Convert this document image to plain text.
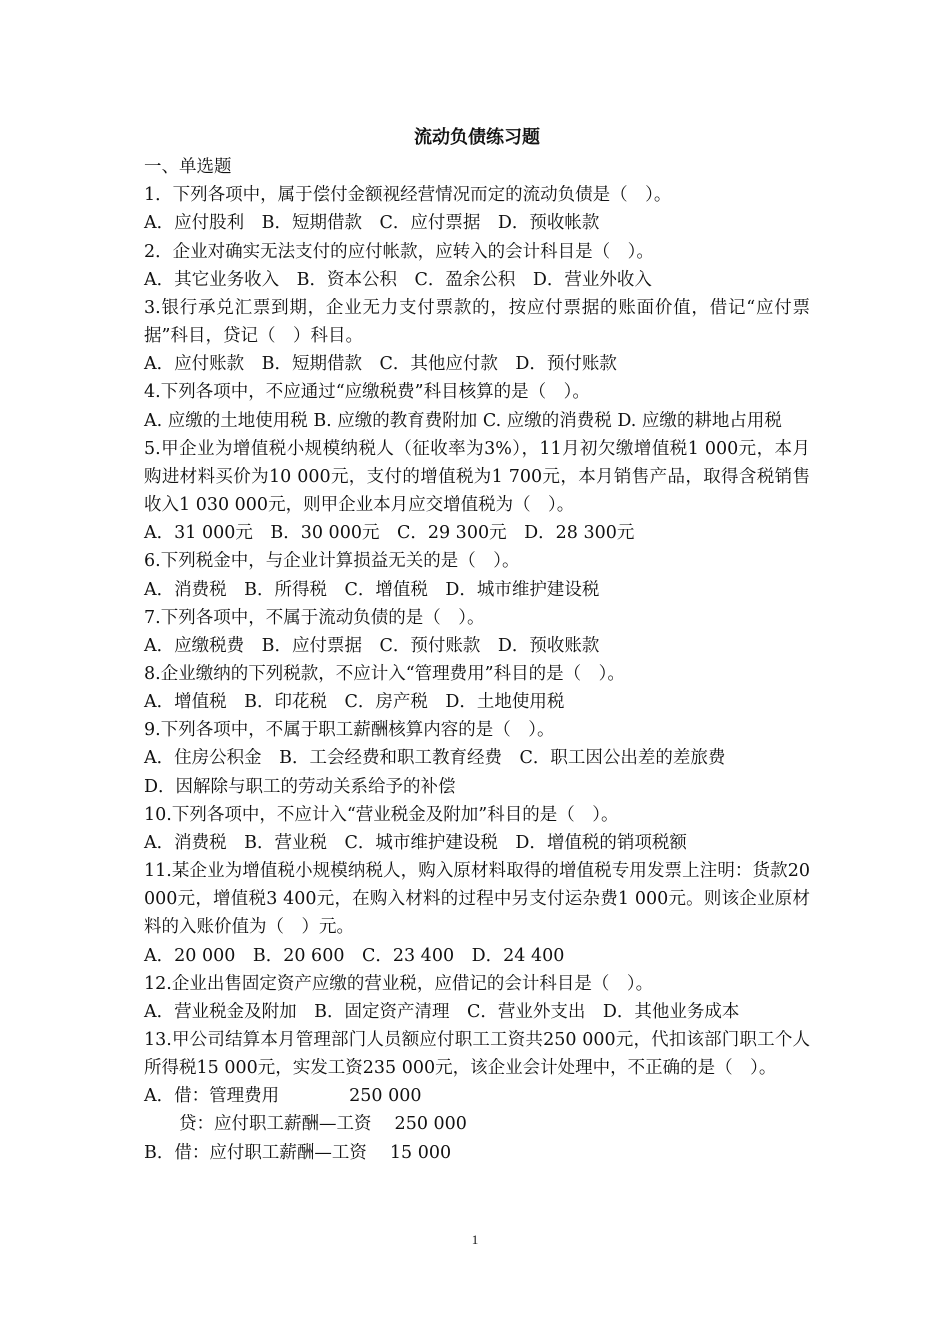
流动负债练习题
一、单选题
1．下列各项中，属于偿付金额视经营情况而定的流动负债是（　）。
A．应付股利　B．短期借款　C．应付票据　D．预收帐款
2．企业对确实无法支付的应付帐款，应转入的会计科目是（　）。
A．其它业务收入　B．资本公积　C．盈余公积　D．营业外收入
3.银行承兑汇票到期，企业无力支付票款的，按应付票据的账面价值，借记“应付票据”科目，贷记（　）科目。
A．应付账款　B．短期借款　C．其他应付款　D．预付账款
4.下列各项中，不应通过“应缴税费”科目核算的是（　）。
A. 应缴的土地使用税 B. 应缴的教育费附加 C. 应缴的消费税 D. 应缴的耕地占用税
5.甲企业为增值税小规模纳税人（征收率为3%），11月初欠缴增值税1 000元，本月购进材料买价为10 000元，支付的增值税为1 700元，本月销售产品，取得含税销售收入1 030 000元，则甲企业本月应交增值税为（　）。
A．31 000元　B．30 000元　C．29 300元　D．28 300元
6.下列税金中，与企业计算损益无关的是（　）。
A．消费税　B．所得税　C．增值税　D．城市维护建设税
7.下列各项中，不属于流动负债的是（　）。
A．应缴税费　B．应付票据　C．预付账款　D．预收账款
8.企业缴纳的下列税款，不应计入“管理费用”科目的是（　）。
A．增值税　B．印花税　C．房产税　D．土地使用税
9.下列各项中，不属于职工薪酬核算内容的是（　）。
A．住房公积金　B．工会经费和职工教育经费　C．职工因公出差的差旅费
D．因解除与职工的劳动关系给予的补偿
10.下列各项中，不应计入“营业税金及附加”科目的是（　）。
A．消费税　B．营业税　C．城市维护建设税　D．增值税的销项税额
11.某企业为增值税小规模纳税人，购入原材料取得的增值税专用发票上注明：货款20 000元，增值税3 400元，在购入材料的过程中另支付运杂费1 000元。则该企业原材料的入账价值为（　）元。
A．20 000　B．20 600　C．23 400　D．24 400
12.企业出售固定资产应缴的营业税，应借记的会计科目是（　）。
A．营业税金及附加　B．固定资产清理　C．营业外支出　D．其他业务成本
13.甲公司结算本月管理部门人员额应付职工工资共250 000元，代扣该部门职工个人所得税15 000元，实发工资235 000元，该企业会计处理中，不正确的是（　）。
A．借：管理费用　　　　250 000
　　贷：应付职工薪酬—工资　 250 000
B．借：应付职工薪酬—工资　 15 000
1
